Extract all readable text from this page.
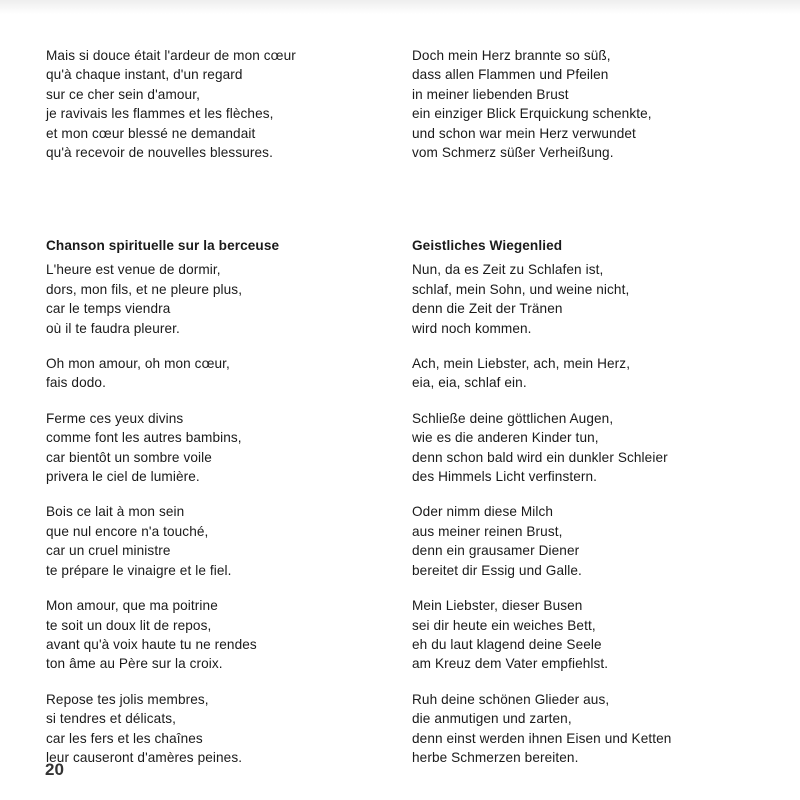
Mais si douce était l'ardeur de mon cœur
qu'à chaque instant, d'un regard
sur ce cher sein d'amour,
je ravivais les flammes et les flèches,
et mon cœur blessé ne demandait
qu'à recevoir de nouvelles blessures.
Chanson spirituelle sur la berceuse
L'heure est venue de dormir,
dors, mon fils, et ne pleure plus,
car le temps viendra
où il te faudra pleurer.
Oh mon amour, oh mon cœur,
fais dodo.
Ferme ces yeux divins
comme font les autres bambins,
car bientôt un sombre voile
privera le ciel de lumière.
Bois ce lait à mon sein
que nul encore n'a touché,
car un cruel ministre
te prépare le vinaigre et le fiel.
Mon amour, que ma poitrine
te soit un doux lit de repos,
avant qu'à voix haute tu ne rendes
ton âme au Père sur la croix.
Repose tes jolis membres,
si tendres et délicats,
car les fers et les chaînes
leur causeront d'amères peines.
Doch mein Herz brannte so süß,
dass allen Flammen und Pfeilen
in meiner liebenden Brust
ein einziger Blick Erquickung schenkte,
und schon war mein Herz verwundet
vom Schmerz süßer Verheißung.
Geistliches Wiegenlied
Nun, da es Zeit zu Schlafen ist,
schlaf, mein Sohn, und weine nicht,
denn die Zeit der Tränen
wird noch kommen.
Ach, mein Liebster, ach, mein Herz,
eia, eia, schlaf ein.
Schließe deine göttlichen Augen,
wie es die anderen Kinder tun,
denn schon bald wird ein dunkler Schleier
des Himmels Licht verfinstern.
Oder nimm diese Milch
aus meiner reinen Brust,
denn ein grausamer Diener
bereitet dir Essig und Galle.
Mein Liebster, dieser Busen
sei dir heute ein weiches Bett,
eh du laut klagend deine Seele
am Kreuz dem Vater empfiehlst.
Ruh deine schönen Glieder aus,
die anmutigen und zarten,
denn einst werden ihnen Eisen und Ketten
herbe Schmerzen bereiten.
20
